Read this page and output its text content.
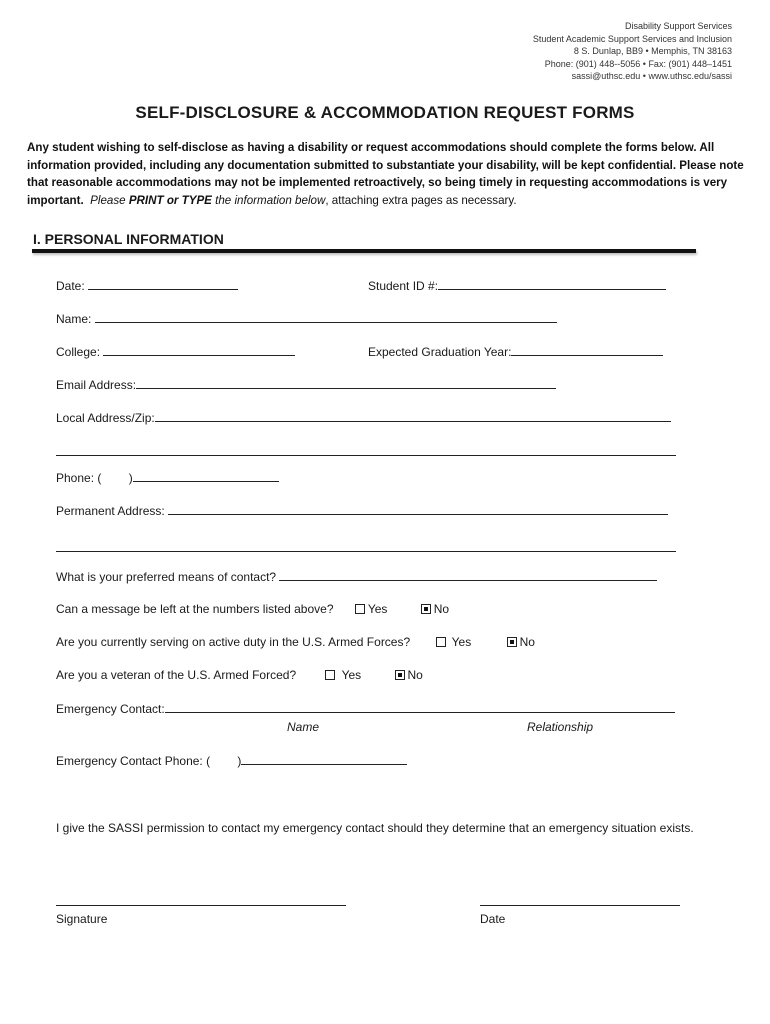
Disability Support Services
Student Academic Support Services and Inclusion
8 S. Dunlap, BB9 • Memphis, TN 38163
Phone: (901) 448--5056 • Fax: (901) 448–1451
sassi@uthsc.edu • www.uthsc.edu/sassi
SELF-DISCLOSURE & ACCOMMODATION REQUEST FORMS
Any student wishing to self-disclose as having a disability or request accommodations should complete the forms below. All information provided, including any documentation submitted to substantiate your disability, will be kept confidential. Please note that reasonable accommodations may not be implemented retroactively, so being timely in requesting accommodations is very important. Please PRINT or TYPE the information below, attaching extra pages as necessary.
I. PERSONAL INFORMATION
Date:	Student ID #:
Name:
College:	Expected Graduation Year:
Email Address:
Local Address/Zip:
Phone: ( )
Permanent Address:
What is your preferred means of contact?
Can a message be left at the numbers listed above?	Yes	No
Are you currently serving on active duty in the U.S. Armed Forces?	Yes	No
Are you a veteran of the U.S. Armed Forced?	Yes	No
Emergency Contact:
Name	Relationship
Emergency Contact Phone: ( )
I give the SASSI permission to contact my emergency contact should they determine that an emergency situation exists.
Signature	Date
